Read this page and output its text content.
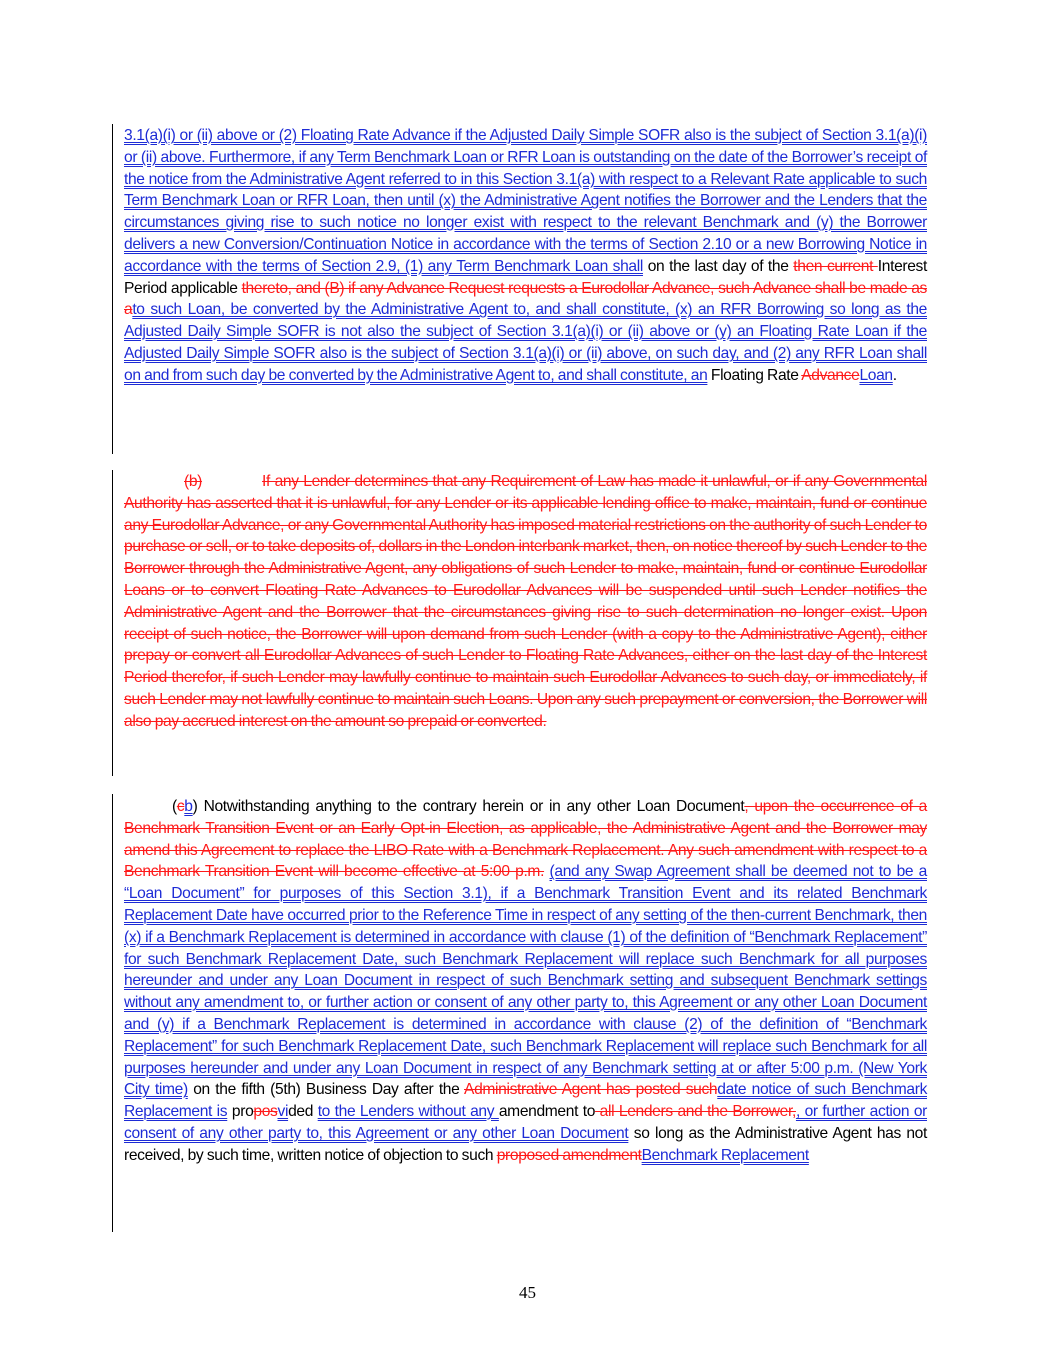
3.1(a)(i) or (ii) above or (2) Floating Rate Advance if the Adjusted Daily Simple SOFR also is the subject of Section 3.1(a)(i) or (ii) above. Furthermore, if any Term Benchmark Loan or RFR Loan is outstanding on the date of the Borrower’s receipt of the notice from the Administrative Agent referred to in this Section 3.1(a) with respect to a Relevant Rate applicable to such Term Benchmark Loan or RFR Loan, then until (x) the Administrative Agent notifies the Borrower and the Lenders that the circumstances giving rise to such notice no longer exist with respect to the relevant Benchmark and (y) the Borrower delivers a new Conversion/Continuation Notice in accordance with the terms of Section 2.10 or a new Borrowing Notice in accordance with the terms of Section 2.9, (1) any Term Benchmark Loan shall on the last day of the then current Interest Period applicable thereto, and (B) if any Advance Request requests a Eurodollar Advance, such Advance shall be made as ato such Loan, be converted by the Administrative Agent to, and shall constitute, (x) an RFR Borrowing so long as the Adjusted Daily Simple SOFR is not also the subject of Section 3.1(a)(i) or (ii) above or (y) an Floating Rate Loan if the Adjusted Daily Simple SOFR also is the subject of Section 3.1(a)(i) or (ii) above, on such day, and (2) any RFR Loan shall on and from such day be converted by the Administrative Agent to, and shall constitute, an Floating Rate AdvanceLoan.
(b)	If any Lender determines that any Requirement of Law has made it unlawful, or if any Governmental Authority has asserted that it is unlawful, for any Lender or its applicable lending office to make, maintain, fund or continue any Eurodollar Advance, or any Governmental Authority has imposed material restrictions on the authority of such Lender to purchase or sell, or to take deposits of, dollars in the London interbank market, then, on notice thereof by such Lender to the Borrower through the Administrative Agent, any obligations of such Lender to make, maintain, fund or continue Eurodollar Loans or to convert Floating Rate Advances to Eurodollar Advances will be suspended until such Lender notifies the Administrative Agent and the Borrower that the circumstances giving rise to such determination no longer exist. Upon receipt of such notice, the Borrower will upon demand from such Lender (with a copy to the Administrative Agent), either prepay or convert all Eurodollar Advances of such Lender to Floating Rate Advances, either on the last day of the Interest Period therefor, if such Lender may lawfully continue to maintain such Eurodollar Advances to such day, or immediately, if such Lender may not lawfully continue to maintain such Loans. Upon any such prepayment or conversion, the Borrower will also pay accrued interest on the amount so prepaid or converted.
(cb) Notwithstanding anything to the contrary herein or in any other Loan Document, upon the occurrence of a Benchmark Transition Event or an Early Opt-in Election, as applicable, the Administrative Agent and the Borrower may amend this Agreement to replace the LIBO Rate with a Benchmark Replacement. Any such amendment with respect to a Benchmark Transition Event will become effective at 5:00 p.m. (and any Swap Agreement shall be deemed not to be a “Loan Document” for purposes of this Section 3.1), if a Benchmark Transition Event and its related Benchmark Replacement Date have occurred prior to the Reference Time in respect of any setting of the then-current Benchmark, then (x) if a Benchmark Replacement is determined in accordance with clause (1) of the definition of “Benchmark Replacement” for such Benchmark Replacement Date, such Benchmark Replacement will replace such Benchmark for all purposes hereunder and under any Loan Document in respect of such Benchmark setting and subsequent Benchmark settings without any amendment to, or further action or consent of any other party to, this Agreement or any other Loan Document and (y) if a Benchmark Replacement is determined in accordance with clause (2) of the definition of “Benchmark Replacement” for such Benchmark Replacement Date, such Benchmark Replacement will replace such Benchmark for all purposes hereunder and under any Loan Document in respect of any Benchmark setting at or after 5:00 p.m. (New York City time) on the fifth (5th) Business Day after the Administrative Agent has posted suchdate notice of such Benchmark Replacement is proposvided to the Lenders without any amendment to all Lenders and the Borrower,, or further action or consent of any other party to, this Agreement or any other Loan Document so long as the Administrative Agent has not received, by such time, written notice of objection to such proposed amendmentBenchmark Replacement
45
